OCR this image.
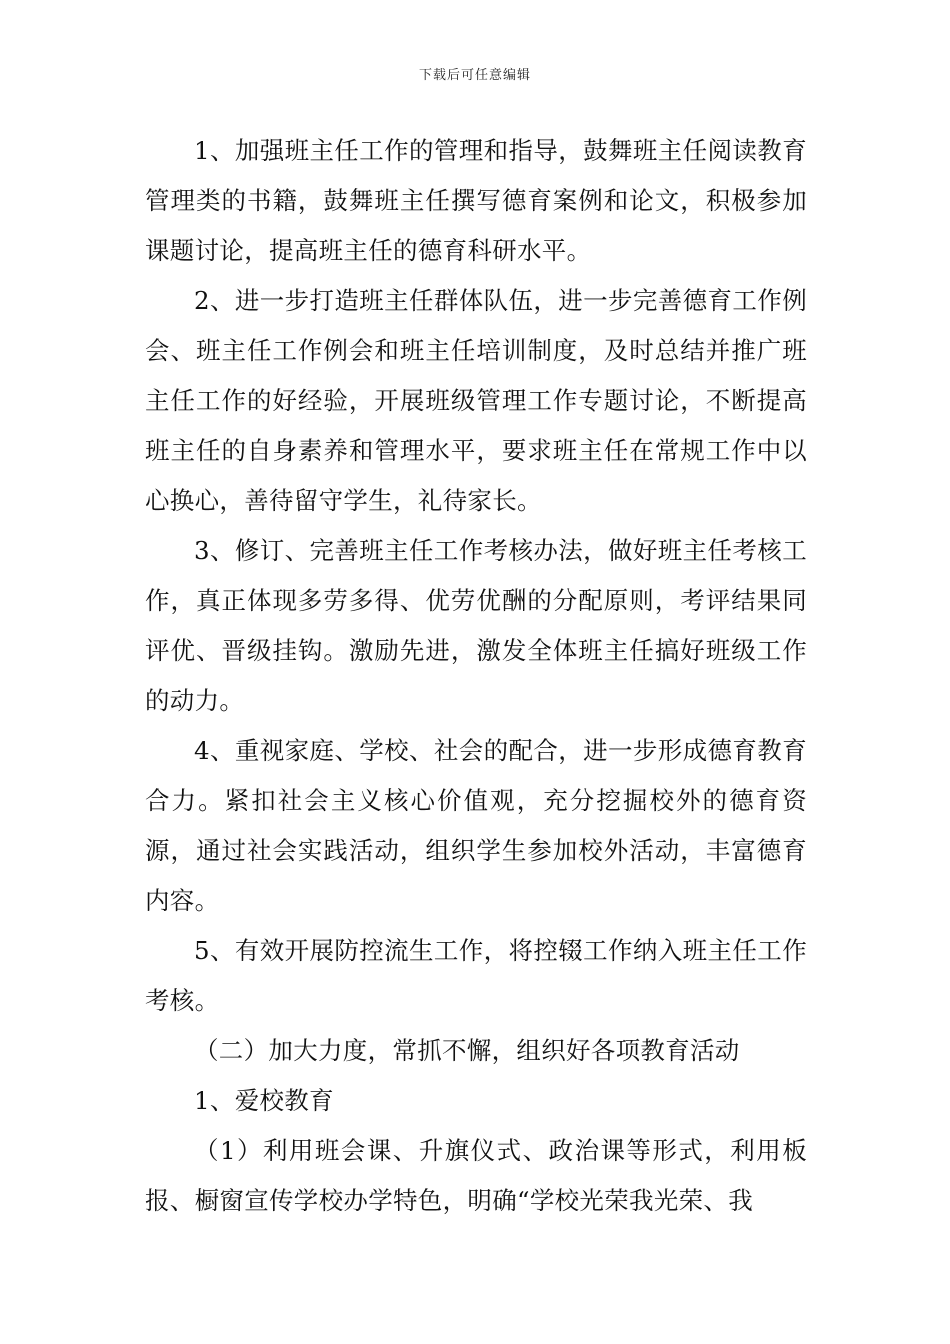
下载后可任意编辑

1、加强班主任工作的管理和指导，鼓舞班主任阅读教育管理类的书籍，鼓舞班主任撰写德育案例和论文，积极参加课题讨论，提高班主任的德育科研水平。

2、进一步打造班主任群体队伍，进一步完善德育工作例会、班主任工作例会和班主任培训制度，及时总结并推广班主任工作的好经验，开展班级管理工作专题讨论，不断提高班主任的自身素养和管理水平，要求班主任在常规工作中以心换心，善待留守学生，礼待家长。

3、修订、完善班主任工作考核办法，做好班主任考核工作，真正体现多劳多得、优劳优酬的分配原则，考评结果同评优、晋级挂钩。激励先进，激发全体班主任搞好班级工作的动力。

4、重视家庭、学校、社会的配合，进一步形成德育教育合力。紧扣社会主义核心价值观，充分挖掘校外的德育资源，通过社会实践活动，组织学生参加校外活动，丰富德育内容。

5、有效开展防控流生工作，将控辍工作纳入班主任工作考核。

（二）加大力度，常抓不懈，组织好各项教育活动

1、爱校教育

（1）利用班会课、升旗仪式、政治课等形式，利用板报、橱窗宣传学校办学特色，明确“学校光荣我光荣、我
